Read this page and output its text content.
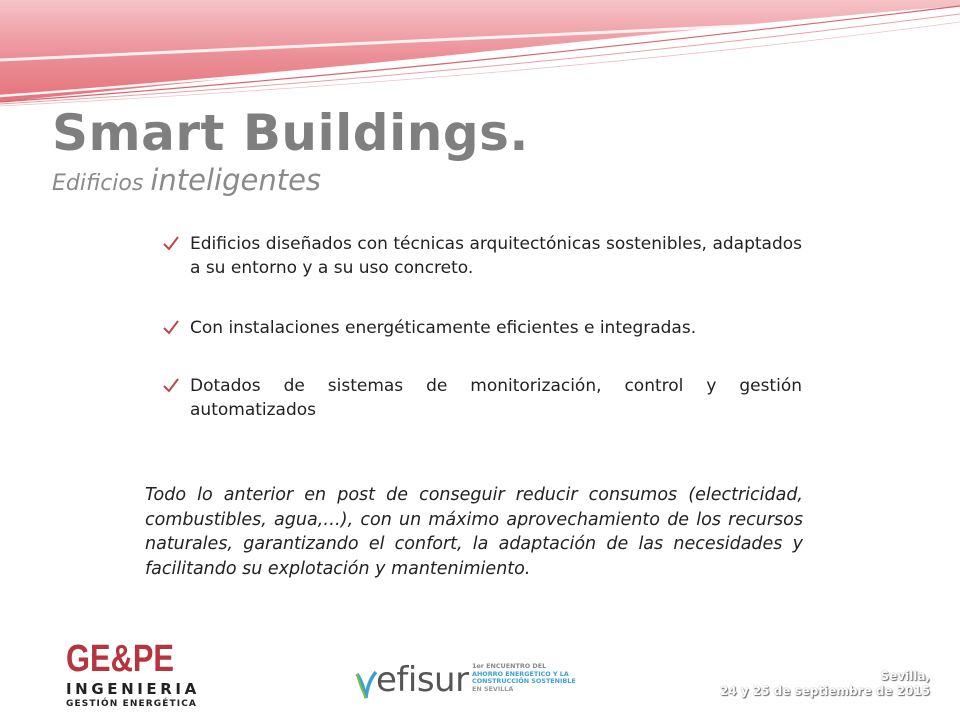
Smart Buildings.
Edificios inteligentes
Edificios diseñados con técnicas arquitectónicas sostenibles, adaptados a su entorno y a su uso concreto.
Con instalaciones energéticamente eficientes e integradas.
Dotados de sistemas de monitorización, control y gestión automatizados
Todo lo anterior en post de conseguir reducir consumos (electricidad, combustibles, agua,…), con un máximo aprovechamiento de los recursos naturales, garantizando el confort, la adaptación de las necesidades y facilitando su explotación y mantenimiento.
GE&PE
INGENIERIA
GESTIÓN ENERGÉTICA
efisur 1er ENCUENTRO DEL
AHORRO ENERGÉTICO Y LA
CONSTRUCCIÓN SOSTENIBLE
EN SEVILLA
Sevilla,
24 y 25 de septiembre de 2015
